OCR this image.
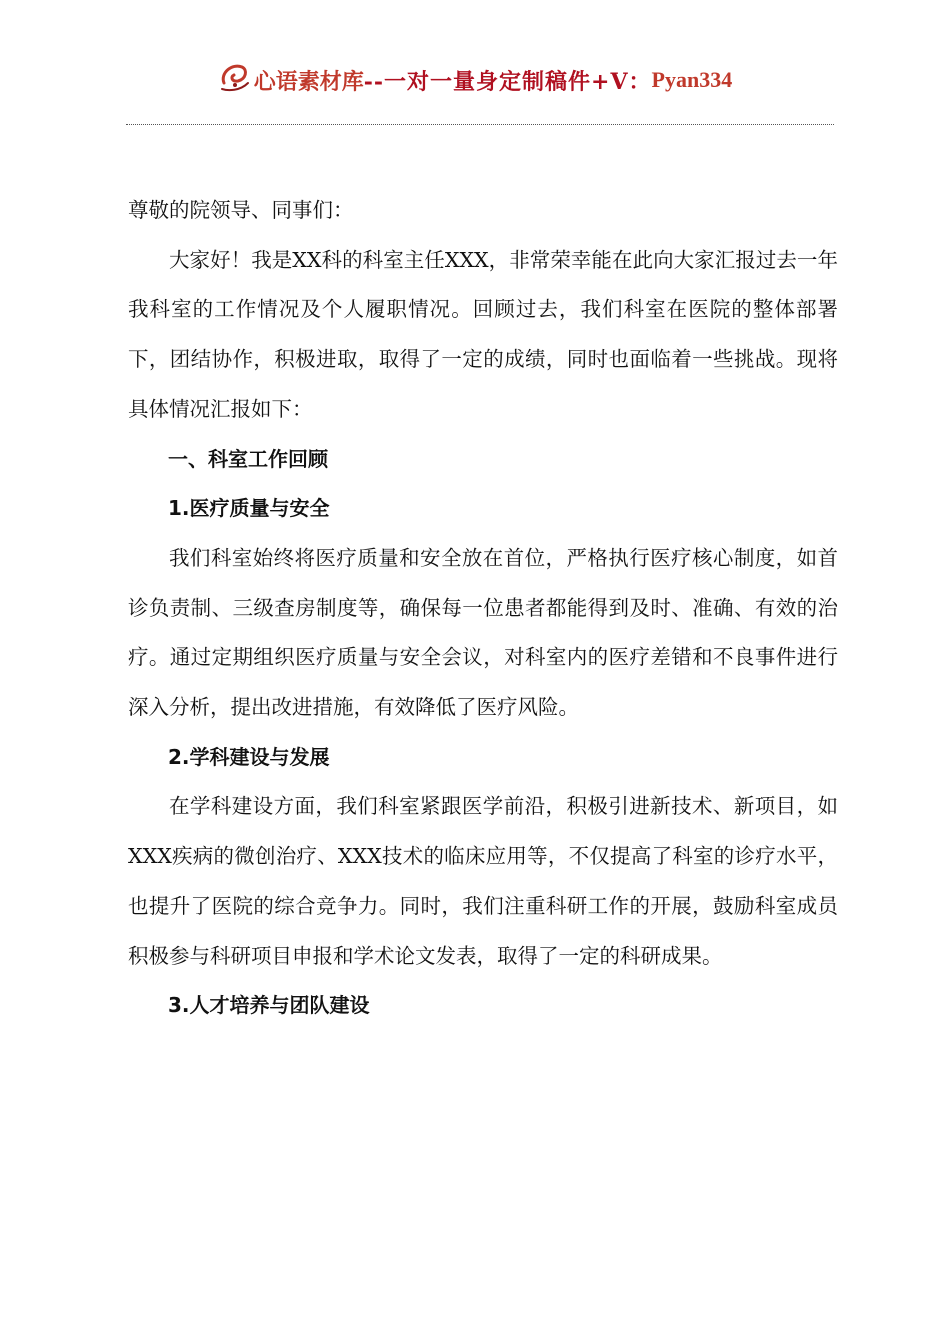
心语素材库 --一对一量身定制稿件+V： Pyan334

尊敬的院领导、同事们：

大家好！我是XX科的科室主任XXX，非常荣幸能在此向大家汇报过去一年我科室的工作情况及个人履职情况。回顾过去，我们科室在医院的整体部署下，团结协作，积极进取，取得了一定的成绩，同时也面临着一些挑战。现将具体情况汇报如下：

一、科室工作回顾

1.医疗质量与安全

我们科室始终将医疗质量和安全放在首位，严格执行医疗核心制度，如首诊负责制、三级查房制度等，确保每一位患者都能得到及时、准确、有效的治疗。通过定期组织医疗质量与安全会议，对科室内的医疗差错和不良事件进行深入分析，提出改进措施，有效降低了医疗风险。

2.学科建设与发展

在学科建设方面，我们科室紧跟医学前沿，积极引进新技术、新项目，如XXX疾病的微创治疗、XXX技术的临床应用等，不仅提高了科室的诊疗水平，也提升了医院的综合竞争力。同时，我们注重科研工作的开展，鼓励科室成员积极参与科研项目申报和学术论文发表，取得了一定的科研成果。

3.人才培养与团队建设
